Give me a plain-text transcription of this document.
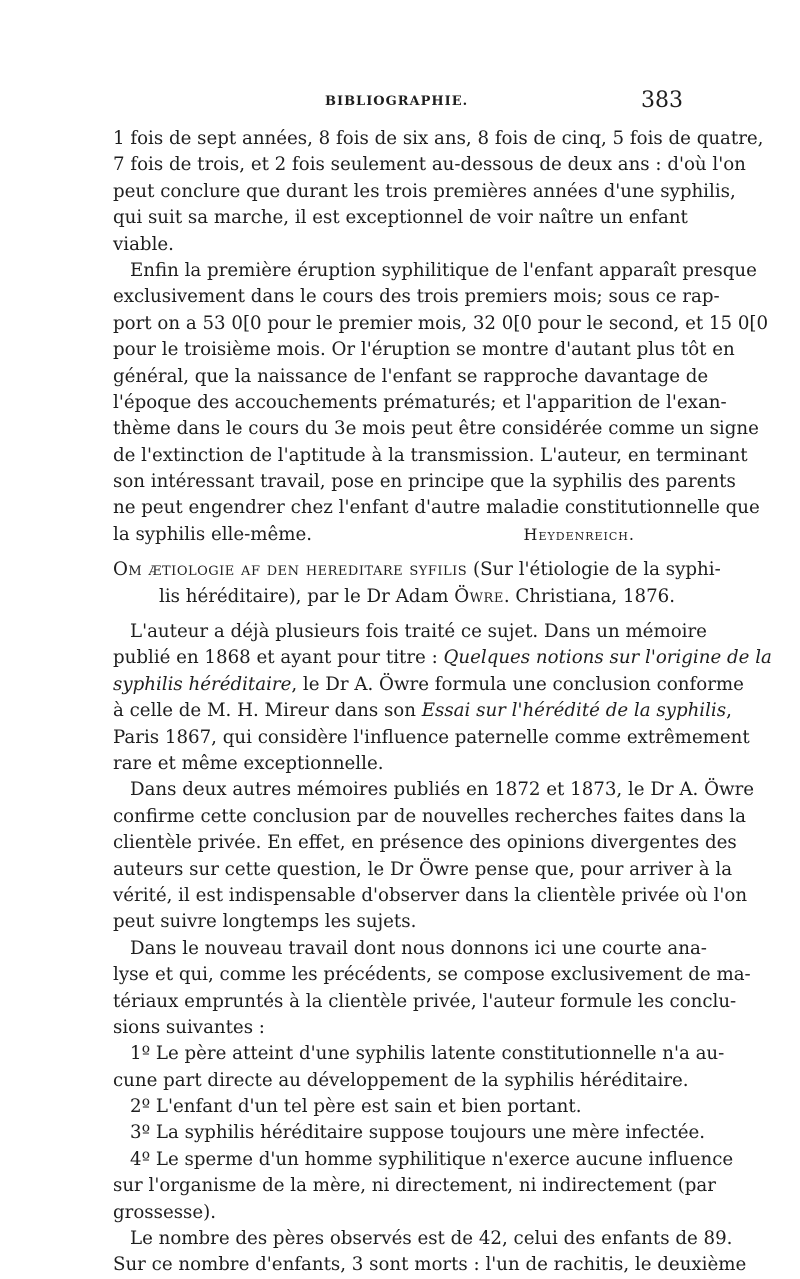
BIBLIOGRAPHIE.	383
1 fois de sept années, 8 fois de six ans, 8 fois de cinq, 5 fois de quatre,
7 fois de trois, et 2 fois seulement au-dessous de deux ans : d'où l'on
peut conclure que durant les trois premières années d'une syphilis,
qui suit sa marche, il est exceptionnel de voir naître un enfant
viable.
Enfin la première éruption syphilitique de l'enfant apparaît presque
exclusivement dans le cours des trois premiers mois; sous ce rap-
port on a 53 0[0 pour le premier mois, 32 0[0 pour le second, et 15 0[0
pour le troisième mois. Or l'éruption se montre d'autant plus tôt en
général, que la naissance de l'enfant se rapproche davantage de
l'époque des accouchements prématurés; et l'apparition de l'exan-
thème dans le cours du 3e mois peut être considérée comme un signe
de l'extinction de l'aptitude à la transmission. L'auteur, en terminant
son intéressant travail, pose en principe que la syphilis des parents
ne peut engendrer chez l'enfant d'autre maladie constitutionnelle que
la syphilis elle-même.	Heydenreich.
Om ætiologie af den hereditare syfilis (Sur l'étiologie de la syphi-
lis héréditaire), par le Dr Adam Öwre. Christiana, 1876.
L'auteur a déjà plusieurs fois traité ce sujet. Dans un mémoire
publié en 1868 et ayant pour titre : Quelques notions sur l'origine de la
syphilis héréditaire, le Dr A. Öwre formula une conclusion conforme
à celle de M. H. Mireur dans son Essai sur l'hérédité de la syphilis,
Paris 1867, qui considère l'influence paternelle comme extrêmement
rare et même exceptionnelle.
Dans deux autres mémoires publiés en 1872 et 1873, le Dr A. Öwre
confirme cette conclusion par de nouvelles recherches faites dans la
clientèle privée. En effet, en présence des opinions divergentes des
auteurs sur cette question, le Dr Öwre pense que, pour arriver à la
vérité, il est indispensable d'observer dans la clientèle privée où l'on
peut suivre longtemps les sujets.
Dans le nouveau travail dont nous donnons ici une courte ana-
lyse et qui, comme les précédents, se compose exclusivement de ma-
tériaux empruntés à la clientèle privée, l'auteur formule les conclu-
sions suivantes :
1º Le père atteint d'une syphilis latente constitutionnelle n'a au-
cune part directe au développement de la syphilis héréditaire.
2º L'enfant d'un tel père est sain et bien portant.
3º La syphilis héréditaire suppose toujours une mère infectée.
4º Le sperme d'un homme syphilitique n'exerce aucune influence
sur l'organisme de la mère, ni directement, ni indirectement (par
grossesse).
Le nombre des pères observés est de 42, celui des enfants de 89.
Sur ce nombre d'enfants, 3 sont morts : l'un de rachitis, le deuxième
